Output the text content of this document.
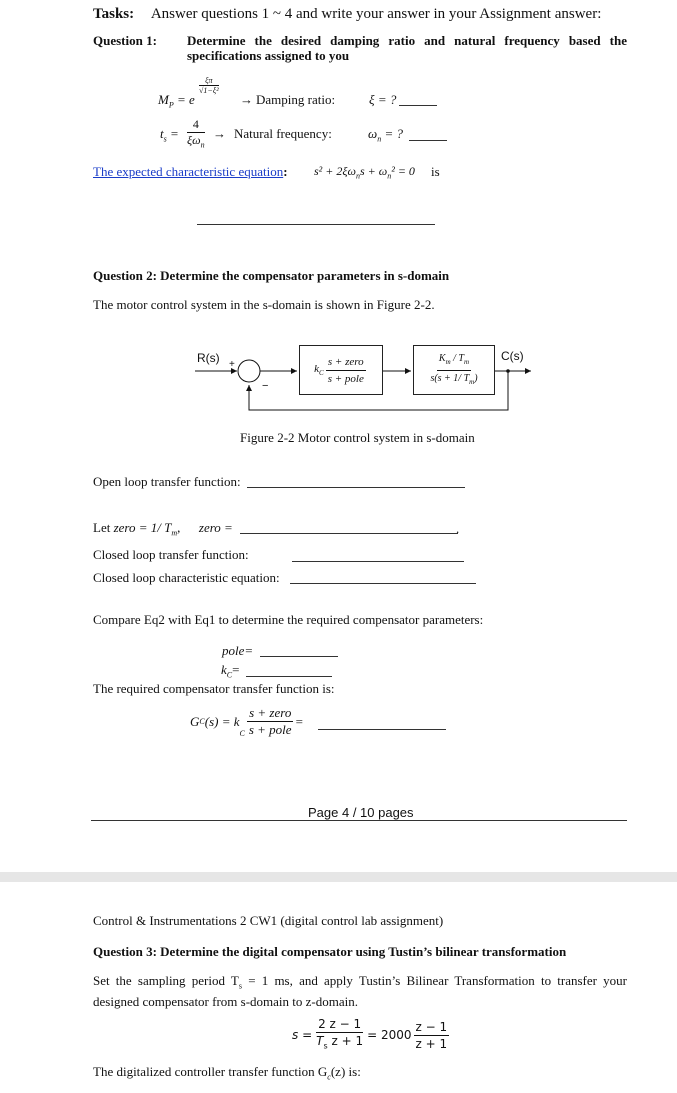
Tasks: Answer questions 1 ~ 4 and write your answer in your Assignment answer:
Question 1: Determine the desired damping ratio and natural frequency based the specifications assigned to you
$M_P = e$
ξπ
√1−ξ²
→ Damping ratio:	ξ = ?
$t_s$ =
4
$\xi\omega_n$
→ Natural frequency:	$\omega_n$ = ?
The expected characteristic equation: $s^2 + 2\xi\omega_ns + \omega_n^2 = 0$ is
Question 2: Determine the compensator parameters in s-domain
The motor control system in the s-domain is shown in Figure 2-2.
R(s) +
−
$k_C \frac{\text{s + zero}}{\text{s + pole}}$	$\frac{K_m / T_m}{s(s + 1/ T_m)} C(s)$
Figure 2-2 Motor control system in s-domain
Open loop transfer function:
Let zero = 1/ $T_m$, zero =	.
Closed loop transfer function:
Closed loop characteristic equation:
Compare Eq2 with Eq1 to determine the required compensator parameters:
pole=
$k_C=$
The required compensator transfer function is:
G C (s) = k
$_C \frac{\text{s + zero}}{\text{s + pole}}$ =
Page 4 / 10 pages
Control & Instrumentations 2 CW1 (digital control lab assignment)
Question 3: Determine the digital compensator using Tustin’s bilinear transformation
Set the sampling period $T_s = 1$ ms, and apply Tustin’s Bilinear Transformation to transfer your designed compensator from s-domain to z-domain.
$s = \frac{2 z - 1}{T_s z + 1} = 2000 \frac{z - 1}{z + 1}$
The digitalized controller transfer function $G_c(z)$ is:
